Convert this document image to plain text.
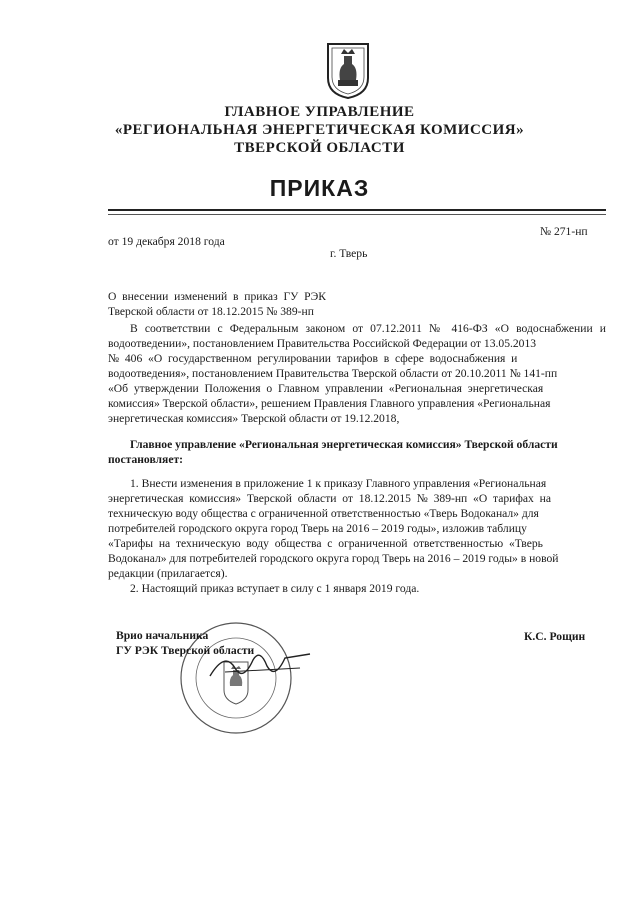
ГЛАВНОЕ УПРАВЛЕНИЕ
«РЕГИОНАЛЬНАЯ ЭНЕРГЕТИЧЕСКАЯ КОМИССИЯ»
ТВЕРСКОЙ ОБЛАСТИ
ПРИКАЗ
от 19 декабря 2018 года
№ 271-нп
г. Тверь
О  внесении  изменений  в  приказ  ГУ  РЭК
Тверской области от 18.12.2015 № 389-нп
В соответствии с Федеральным законом от 07.12.2011 № 416-ФЗ «О водоснабжении и
водоотведении», постановлением Правительства Российской Федерации от 13.05.2013
№  406  «О  государственном  регулировании  тарифов  в  сфере  водоснабжения  и
водоотведения», постановлением Правительства Тверской области от 20.10.2011 № 141-пп
«Об  утверждении  Положения  о  Главном  управлении  «Региональная  энергетическая
комиссия» Тверской области», решением Правления Главного управления «Региональная
энергетическая комиссия» Тверской области от 19.12.2018,
Главное управление «Региональная энергетическая комиссия» Тверской области
постановляет:
1. Внести изменения в приложение 1 к приказу Главного управления «Региональная
энергетическая  комиссия»  Тверской  области  от  18.12.2015  №  389-нп  «О  тарифах  на
техническую воду общества с ограниченной ответственностью «Тверь Водоканал» для
потребителей городского округа город Тверь на 2016 – 2019 годы», изложив таблицу
«Тарифы  на  техническую  воду  общества  с  ограниченной  ответственностью  «Тверь
Водоканал» для потребителей городского округа город Тверь на 2016 – 2019 годы» в новой
редакции (прилагается).
2. Настоящий приказ вступает в силу с 1 января 2019 года.
Врио начальника
ГУ РЭК Тверской области
К.С. Рощин
